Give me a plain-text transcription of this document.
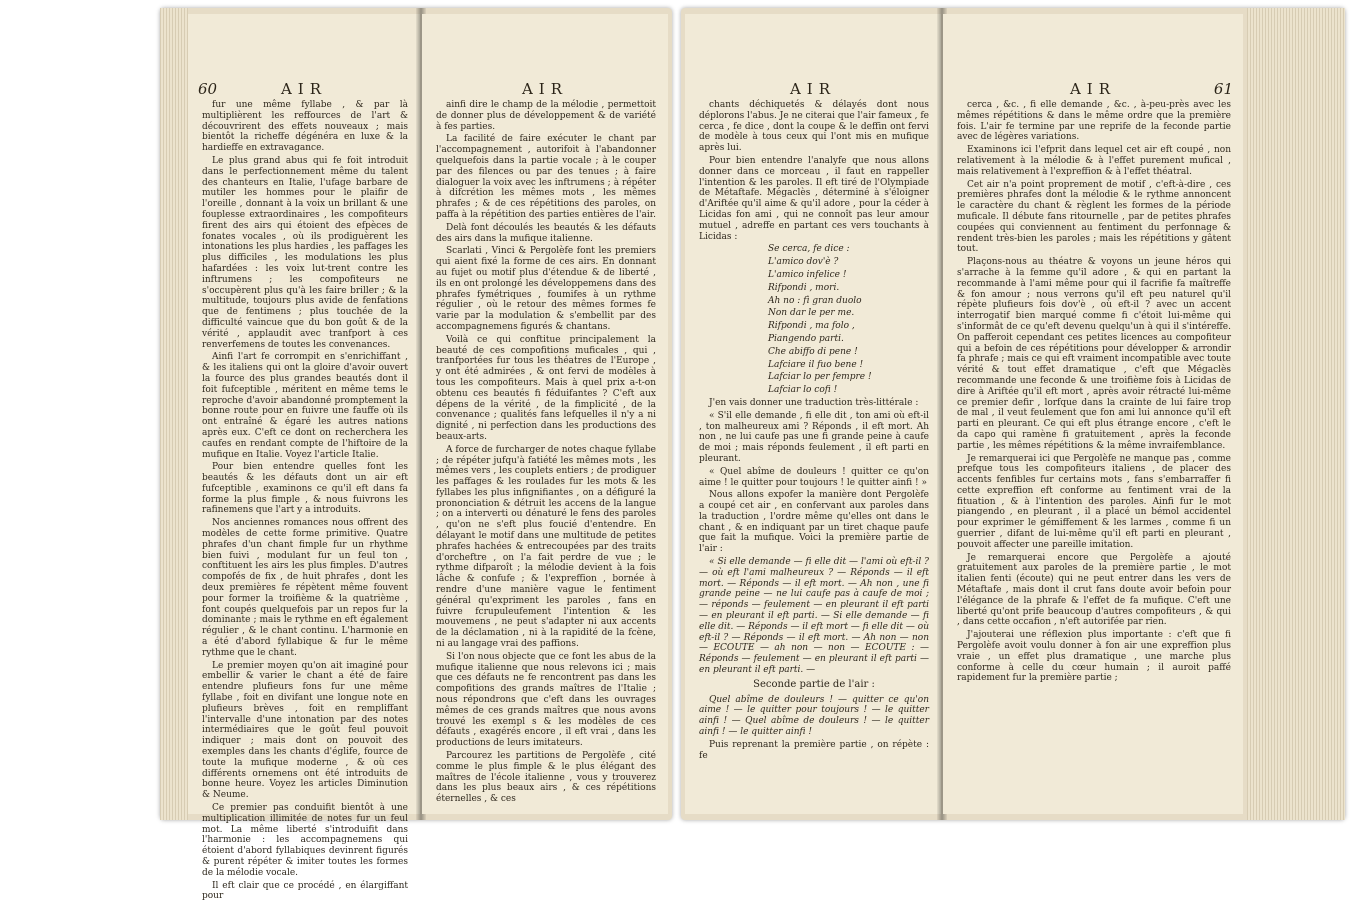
60	AIR

fur une même fyllabe , & par là multiplièrent les reffources de l'art & découvrirent des effets nouveaux ; mais bientôt la richeffe dégénéra en luxe & la hardieffe en extravagance.

Le plus grand abus qui fe foit introduit dans le perfectionnement même du talent des chanteurs en Italie, l'ufage barbare de mutiler les hommes pour le plaifir de l'oreille , donnant à la voix un brillant & une fouplesse extraordinaires , les compofiteurs firent des airs qui étoient des efpèces de fonates vocales , où ils prodiguèrent les intonations les plus hardies , les paffages les plus difficiles , les modulations les plus hafardées : les voix lut-trent contre les inftrumens ; les compofiteurs ne s'occupèrent plus qu'à les faire briller ; & la multitude, toujours plus avide de fenfations que de fentimens ; plus touchée de la difficulté vaincue que du bon goût & de la vérité , applaudit avec tranfport à ces renverfemens de toutes les convenances.

Ainfi l'art fe corrompit en s'enrichiffant , & les italiens qui ont la gloire d'avoir ouvert la fource des plus grandes beautés dont il foit fufceptible , méritent en même tems le reproche d'avoir abandonné promptement la bonne route pour en fuivre une fauffe où ils ont entraîné & égaré les autres nations après eux. C'eft ce dont on recherchera les caufes en rendant compte de l'hiftoire de la mufique en Italie. Voyez l'article Italie.

Pour bien entendre quelles font les beautés & les défauts dont un air eft fufceptible , examinons ce qu'il eft dans fa forme la plus fimple , & nous fuivrons les rafinemens que l'art y a introduits.

Nos anciennes romances nous offrent des modèles de cette forme primitive. Quatre phrafes d'un chant fimple fur un rhythme bien fuivi , modulant fur un feul ton , conftituent les airs les plus fimples. D'autres compofés de fix , de huit phrafes , dont les deux premières fe répètent même fouvent pour former la troifième & la quatrième , font coupés quelquefois par un repos fur la dominante ; mais le rythme en eft également régulier , & le chant continu. L'harmonie en a été d'abord fyllabique & fur le même rythme que le chant.

Le premier moyen qu'on ait imaginé pour embellir & varier le chant a été de faire entendre plufieurs fons fur une même fyllabe , foit en divifant une longue note en plufieurs brèves , foit en rempliffant l'intervalle d'une intonation par des notes intermédiaires que le goût feul pouvoit indiquer ; mais dont on pouvoit des exemples dans les chants d'églife, fource de toute la mufique moderne , & où ces différents ornemens ont été introduits de bonne heure. Voyez les articles Diminution & Neume.

Ce premier pas conduifit bientôt à une multiplication illimitée de notes fur un feul mot. La même liberté s'introduifit dans l'harmonie : les accompagnemens qui étoient d'abord fyllabiques devinrent figurés & purent répéter & imiter toutes les formes de la mélodie vocale.

Il eft clair que ce procédé , en élargiffant pour

AIR

ainfi dire le champ de la mélodie , permettoit de donner plus de développement & de variété à fes parties.

La facilité de faire exécuter le chant par l'accompagnement , autorifoit à l'abandonner quelquefois dans la partie vocale ; à le couper par des filences ou par des tenues ; à faire dialoguer la voix avec les inftrumens ; à répéter à difcrétion les mêmes mots , les mêmes phrafes ; & de ces répétitions des paroles, on paffa à la répétition des parties entières de l'air.

Delà font découlés les beautés & les défauts des airs dans la mufique italienne.

Scarlati , Vinci & Pergolèfe font les premiers qui aient fixé la forme de ces airs. En donnant au fujet ou motif plus d'étendue & de liberté , ils en ont prolongé les développemens dans des phrafes fymétriques , foumifes à un rythme régulier , où le retour des mêmes formes fe varie par la modulation & s'embellit par des accompagnemens figurés & chantans.

Voilà ce qui conftitue principalement la beauté de ces compofitions muficales , qui , tranfportées fur tous les théatres de l'Europe , y ont été admirées , & ont fervi de modèles à tous les compofiteurs. Mais à quel prix a-t-on obtenu ces beautés fi féduifantes ? C'eft aux dépens de la vérité , de la fimplicité , de la convenance ; qualités fans lefquelles il n'y a ni dignité , ni perfection dans les productions des beaux-arts.

A force de furcharger de notes chaque fyllabe ; de répéter jufqu'à fatiété les mêmes mots , les mêmes vers , les couplets entiers ; de prodiguer les paffages & les roulades fur les mots & les fyllabes les plus infignifiantes , on a défiguré la prononciation & détruit les accens de la langue ; on a interverti ou dénaturé le fens des paroles , qu'on ne s'eft plus foucié d'entendre. En délayant le motif dans une multitude de petites phrafes hachées & entrecoupées par des traits d'orcheftre , on l'a fait perdre de vue ; le rythme difparoît ; la mélodie devient à la fois lâche & confufe ; & l'expreffion , bornée à rendre d'une manière vague le fentiment général qu'expriment les paroles , fans en fuivre fcrupuleufement l'intention & les mouvemens , ne peut s'adapter ni aux accents de la déclamation , ni à la rapidité de la fcène, ni au langage vrai des paffions.

Si l'on nous objecte que ce font les abus de la mufique italienne que nous relevons ici ; mais que ces défauts ne fe rencontrent pas dans les compofitions des grands maîtres de l'Italie ; nous répondrons que c'eft dans les ouvrages mêmes de ces grands maîtres que nous avons trouvé les exempl s & les modèles de ces défauts , exagérés encore , il eft vrai , dans les productions de leurs imitateurs.

Parcourez les partitions de Pergolèfe , cité comme le plus fimple & le plus élégant des maîtres de l'école italienne , vous y trouverez dans les plus beaux airs , & ces répétitions éternelles , & ces

AIR

chants déchiquetés & délayés dont nous déplorons l'abus. Je ne citerai que l'air fameux , fe cerca , fe dice , dont la coupe & le deffin ont fervi de modèle à tous ceux qui l'ont mis en mufique après lui.

Pour bien entendre l'analyfe que nous allons donner dans ce morceau , il faut en rappeller l'intention & les paroles. Il eft tiré de l'Olympiade de Métaftafe. Mégaclès , déterminé à s'éloigner d'Ariftée qu'il aime & qu'il adore , pour la céder à Licidas fon ami , qui ne connoît pas leur amour mutuel , adreffe en partant ces vers touchants à Licidas :

Se cerca, fe dice :

L'amico dov'è ?

L'amico infelice !

Rifpondi , mori.

Ah no : fì gran duolo

Non dar le per me.

Rifpondi , ma folo ,

Piangendo parti.

Che abiffo di pene !

Lafciare il fuo bene !

Lafciar lo per fempre !

Lafciar lo cofi !

J'en vais donner une traduction très-littérale :

« S'il elle demande , fi elle dit , ton ami où eft-il , ton malheureux ami ? Réponds , il eft mort. Ah non , ne lui caufe pas une fi grande peine à caufe de moi ; mais réponds feulement , il eft parti en pleurant.

« Quel abîme de douleurs ! quitter ce qu'on aime ! le quitter pour toujours ! le quitter ainfi ! »

Nous allons expofer la manière dont Pergolèfe a coupé cet air , en confervant aux paroles dans la traduction , l'ordre même qu'elles ont dans le chant , & en indiquant par un tiret chaque paufe que fait la mufique. Voici la première partie de l'air :

« Si elle demande — fi elle dit — l'ami où eft-il ? — où eft l'ami malheureux ? — Réponds — il eft mort. — Réponds — il eft mort. — Ah non , une fi grande peine — ne lui caufe pas à caufe de moi ; — réponds — feulement — en pleurant il eft parti — en pleurant il eft parti. — Si elle demande — fi elle dit. — Réponds — il eft mort — fi elle dit — où eft-il ? — Réponds — il eft mort. — Ah non — non — ECOUTE — ah non — non — ECOUTE : — Réponds — feulement — en pleurant il eft parti — en pleurant il eft parti. —

Seconde partie de l'air :

Quel abîme de douleurs ! — quitter ce qu'on aime ! — le quitter pour toujours ! — le quitter ainfi ! — Quel abîme de douleurs ! — le quitter ainfi ! — le quitter ainfi !

Puis reprenant la première partie , on répète : fe

AIR	61

cerca , &c. , fi elle demande , &c. , à-peu-près avec les mêmes répétitions & dans le même ordre que la première fois. L'air fe termine par une reprife de la feconde partie avec de légères variations.

Examinons ici l'efprit dans lequel cet air eft coupé , non relativement à la mélodie & à l'effet purement mufical , mais relativement à l'expreffion & à l'effet théatral.

Cet air n'a point proprement de motif , c'eft-à-dire , ces premières phrafes dont la mélodie & le rythme annoncent le caractère du chant & règlent les formes de la période muficale. Il débute fans ritournelle , par de petites phrafes coupées qui conviennent au fentiment du perfonnage & rendent très-bien les paroles ; mais les répétitions y gâtent tout.

Plaçons-nous au théatre & voyons un jeune héros qui s'arrache à la femme qu'il adore , & qui en partant la recommande à l'ami même pour qui il facrifie fa maîtreffe & fon amour ; nous verrons qu'il eft peu naturel qu'il répète plufieurs fois dov'è , où eft-il ? avec un accent interrogatif bien marqué comme fi c'étoit lui-même qui s'informât de ce qu'eft devenu quelqu'un à qui il s'intéreffe. On pafferoit cependant ces petites licences au compofiteur qui a befoin de ces répétitions pour développer & arrondir fa phrafe ; mais ce qui eft vraiment incompatible avec toute vérité & tout effet dramatique , c'eft que Mégaclès recommande une feconde & une troifième fois à Licidas de dire à Ariftée qu'il eft mort , après avoir rétracté lui-même ce premier defir , lorfque dans la crainte de lui faire trop de mal , il veut feulement que fon ami lui annonce qu'il eft parti en pleurant. Ce qui eft plus étrange encore , c'eft le da capo qui ramène fi gratuitement , après la feconde partie , les mêmes répétitions & la même invraifemblance.

Je remarquerai ici que Pergolèfe ne manque pas , comme prefque tous les compofiteurs italiens , de placer des accents fenfibles fur certains mots , fans s'embarraffer fi cette expreffion eft conforme au fentiment vrai de la fituation , & à l'intention des paroles. Ainfi fur le mot piangendo , en pleurant , il a placé un bémol accidentel pour exprimer le gémiffement & les larmes , comme fi un guerrier , difant de lui-même qu'il eft parti en pleurant , pouvoit affecter une pareille imitation.

Je remarquerai encore que Pergolèfe a ajouté gratuitement aux paroles de la première partie , le mot italien fenti (écoute) qui ne peut entrer dans les vers de Métaftafe , mais dont il crut fans doute avoir befoin pour l'élégance de la phrafe & l'effet de fa mufique. C'eft une liberté qu'ont prife beaucoup d'autres compofiteurs , & qui , dans cette occafion , n'eft autorifée par rien.

J'ajouterai une réflexion plus importante : c'eft que fi Pergolèfe avoit voulu donner à fon air une expreffion plus vraie , un effet plus dramatique , une marche plus conforme à celle du cœur humain ; il auroit paffé rapidement fur la première partie ;
